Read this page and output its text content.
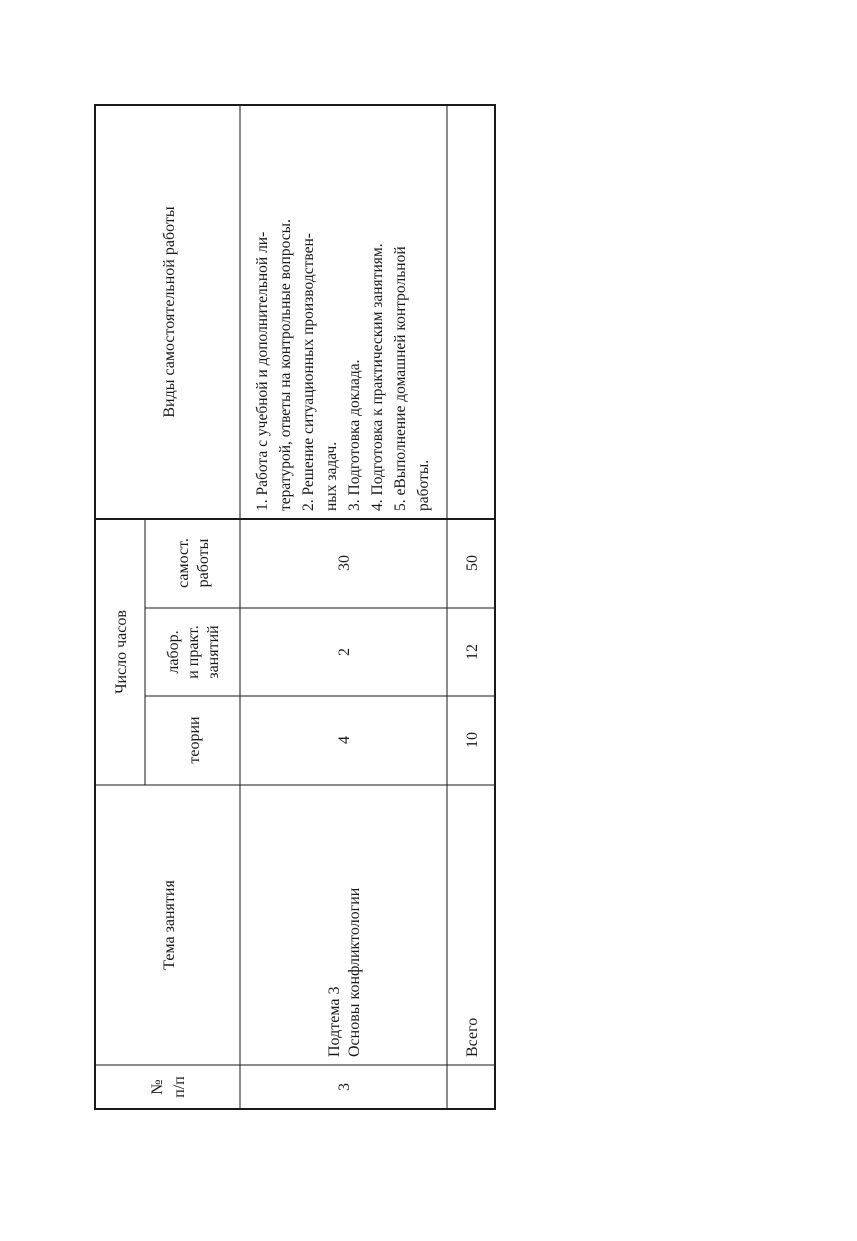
№ п/п
Тема занятия
Число часов
теории
лабор. и практ. занятий
самост. работы
Виды самостоятельной работы
3
Подтема 3 Основы конфликтологии
4
2
30
1. Работа с учебной и дополнительной ли- тературой, ответы на контрольные вопросы. 2. Решение ситуационных производствен- ных задач. 3. Подготовка доклада. 4. Подготовка к практическим занятиям. 5. eВыполнение домашней контрольной работы.
Всего
10
12
50
